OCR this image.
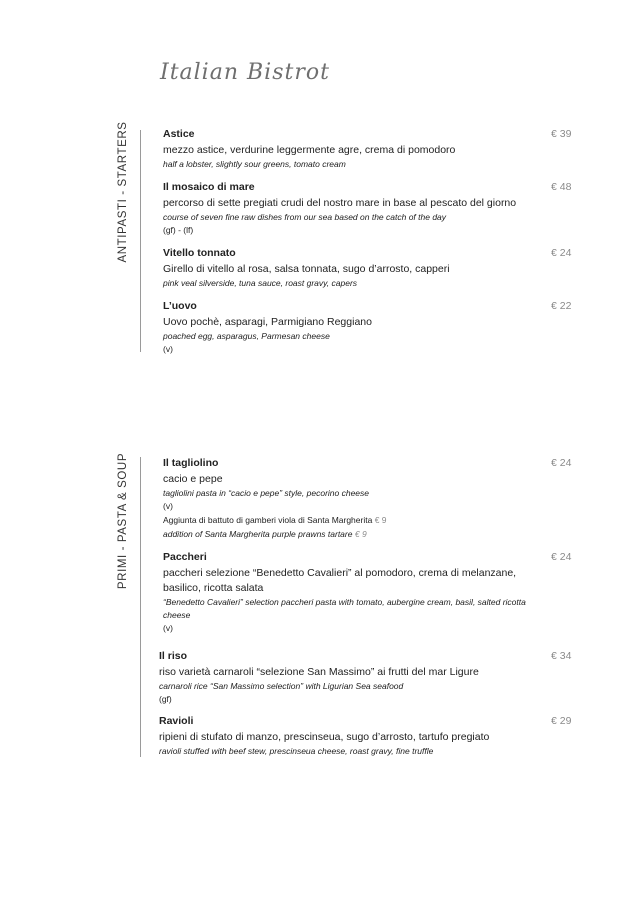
Italian Bistrot
ANTIPASTI - STARTERS	Astice
mezzo astice, verdurine leggermente agre, crema di pomodoro
half a lobster, slightly sour greens, tomato cream
€ 39
Il mosaico di mare
percorso di sette pregiati crudi del nostro mare in base al pescato del giorno
course of seven fine raw dishes from our sea based on the catch of the day
(gf) - (lf)
€ 48
Vitello tonnato
Girello di vitello al rosa, salsa tonnata, sugo d’arrosto, capperi
pink veal silverside, tuna sauce, roast gravy, capers
€ 24
L’uovo
Uovo pochè, asparagi, Parmigiano Reggiano
poached egg, asparagus, Parmesan cheese
(v)
€ 22
PRIMI - PASTA & SOUP	Il tagliolino
cacio e pepe
tagliolini pasta in “cacio e pepe” style, pecorino cheese
(v)
Aggiunta di battuto di gamberi viola di Santa Margherita € 9
addition of Santa Margherita purple prawns tartare € 9
€ 24
Paccheri
paccheri selezione “Benedetto Cavalieri” al pomodoro, crema di melanzane, basilico, ricotta salata
“Benedetto Cavalieri” selection paccheri pasta with tomato, aubergine cream, basil, salted ricotta cheese
(v)
€ 24
Il riso
riso varietà carnaroli “selezione San Massimo” ai frutti del mar Ligure
carnaroli rice “San Massimo selection” with Ligurian Sea seafood
(gf)
€ 34
Ravioli
ripieni di stufato di manzo, prescinseua, sugo d’arrosto, tartufo pregiato
ravioli stuffed with beef stew, prescinseua cheese, roast gravy, fine truffle
€ 29
